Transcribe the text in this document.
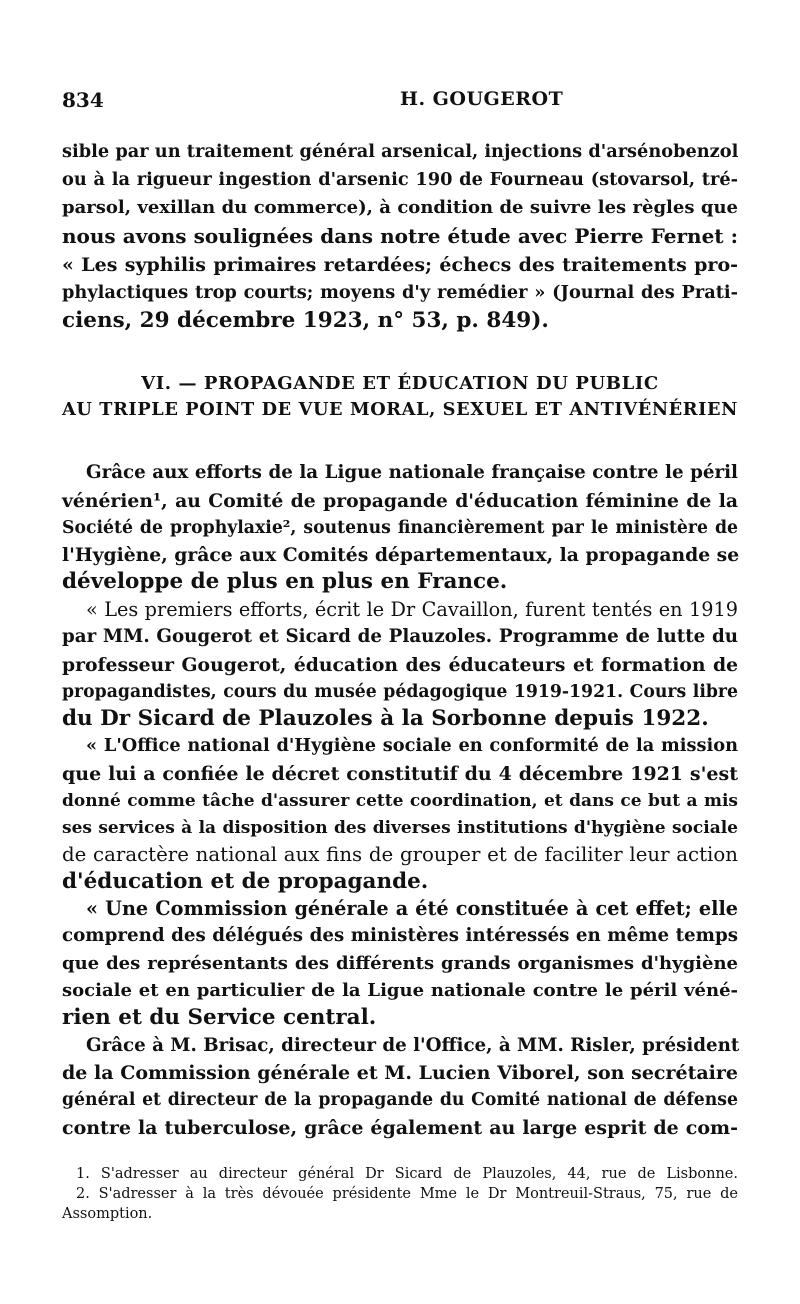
834	H. GOUGEROT
sible par un traitement général arsenical, injections d'arsénobenzol
ou à la rigueur ingestion d'arsenic 190 de Fourneau (stovarsol, tré-
parsol, vexillan du commerce), à condition de suivre les règles que
nous avons soulignées dans notre étude avec Pierre Fernet :
« Les syphilis primaires retardées; échecs des traitements pro-
phylactiques trop courts; moyens d'y remédier » (Journal des Prati-
ciens, 29 décembre 1923, n° 53, p. 849).
VI. — PROPAGANDE ET ÉDUCATION DU PUBLIC
AU TRIPLE POINT DE VUE MORAL, SEXUEL ET ANTIVÉNÉRIEN
Grâce aux efforts de la Ligue nationale française contre le péril
vénérien¹, au Comité de propagande d'éducation féminine de la
Société de prophylaxie², soutenus financièrement par le ministère de
l'Hygiène, grâce aux Comités départementaux, la propagande se
développe de plus en plus en France.
« Les premiers efforts, écrit le Dr Cavaillon, furent tentés en 1919
par MM. Gougerot et Sicard de Plauzoles. Programme de lutte du
professeur Gougerot, éducation des éducateurs et formation de
propagandistes, cours du musée pédagogique 1919-1921. Cours libre
du Dr Sicard de Plauzoles à la Sorbonne depuis 1922.
« L'Office national d'Hygiène sociale en conformité de la mission
que lui a confiée le décret constitutif du 4 décembre 1921 s'est
donné comme tâche d'assurer cette coordination, et dans ce but a mis
ses services à la disposition des diverses institutions d'hygiène sociale
de caractère national aux fins de grouper et de faciliter leur action
d'éducation et de propagande.
« Une Commission générale a été constituée à cet effet; elle
comprend des délégués des ministères intéressés en même temps
que des représentants des différents grands organismes d'hygiène
sociale et en particulier de la Ligue nationale contre le péril véné-
rien et du Service central.
Grâce à M. Brisac, directeur de l'Office, à MM. Risler, président
de la Commission générale et M. Lucien Viborel, son secrétaire
général et directeur de la propagande du Comité national de défense
contre la tuberculose, grâce également au large esprit de com-
1. S'adresser au directeur général Dr Sicard de Plauzoles, 44, rue de Lisbonne.
2. S'adresser à la très dévouée présidente Mme le Dr Montreuil-Straus, 75, rue de
Assomption.
